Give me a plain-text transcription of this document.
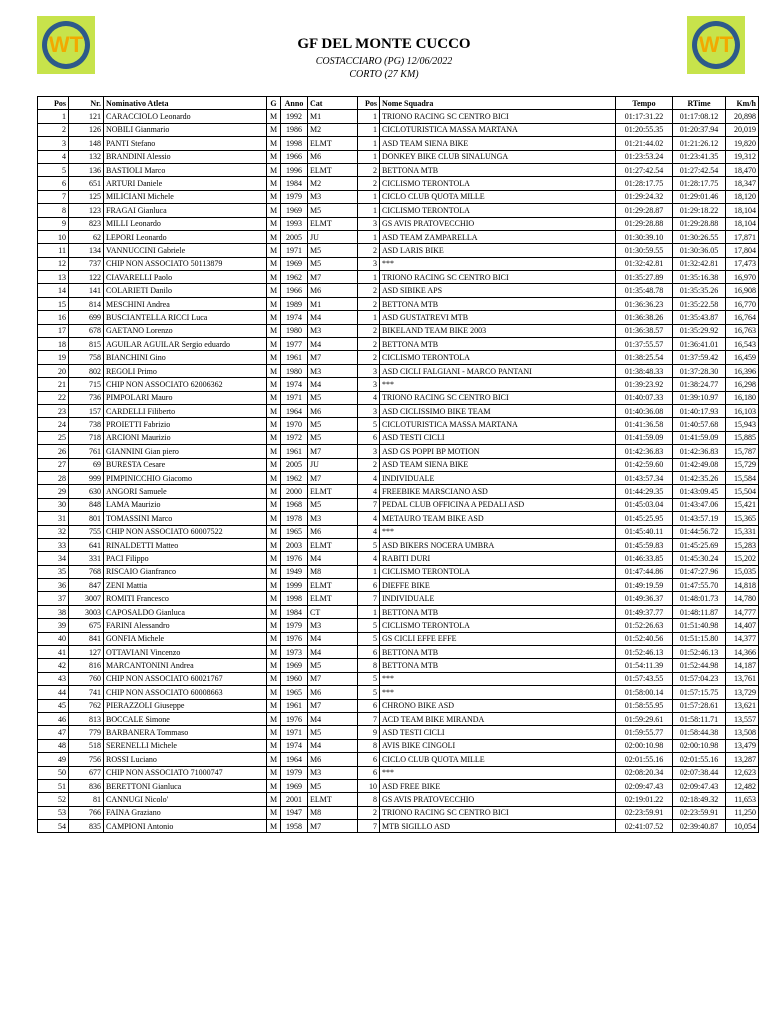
WT	WT
GF DEL MONTE CUCCO
COSTACCIARO (PG) 12/06/2022
CORTO (27 KM)
Pos	Nr.	Nominativo Atleta	G	Anno	Cat	Pos	Nome Squadra	Tempo	RTime	Km/h
1	121	CARACCIOLO Leonardo	M	1992	M1	1	TRIONO RACING SC CENTRO BICI	01:17:31.22	01:17:08.12	20,898
2	126	NOBILI Gianmario	M	1986	M2	1	CICLOTURISTICA MASSA MARTANA	01:20:55.35	01:20:37.94	20,019
3	148	PANTI Stefano	M	1998	ELMT	1	ASD TEAM SIENA BIKE	01:21:44.02	01:21:26.12	19,820
4	132	BRANDINI Alessio	M	1966	M6	1	DONKEY BIKE CLUB SINALUNGA	01:23:53.24	01:23:41.35	19,312
5	136	BASTIOLI Marco	M	1996	ELMT	2	BETTONA MTB	01:27:42.54	01:27:42.54	18,470
6	651	ARTURI Daniele	M	1984	M2	2	CICLISMO TERONTOLA	01:28:17.75	01:28:17.75	18,347
7	125	MILICIANI Michele	M	1979	M3	1	CICLO CLUB QUOTA MILLE	01:29:24.32	01:29:01.46	18,120
8	123	FRAGAI Gianluca	M	1969	M5	1	CICLISMO TERONTOLA	01:29:28.87	01:29:18.22	18,104
9	823	MILLI Leonardo	M	1993	ELMT	3	GS AVIS PRATOVECCHIO	01:29:28.88	01:29:28.88	18,104
10	62	LEPORI Leonardo	M	2005	JU	1	ASD TEAM ZAMPARELLA	01:30:39.10	01:30:26.55	17,871
11	134	VANNUCCINI Gabriele	M	1971	M5	2	ASD LARIS BIKE	01:30:59.55	01:30:36.05	17,804
12	737	CHIP NON ASSOCIATO 50113879	M	1969	M5	3	***	01:32:42.81	01:32:42.81	17,473
13	122	CIAVARELLI Paolo	M	1962	M7	1	TRIONO RACING SC CENTRO BICI	01:35:27.89	01:35:16.38	16,970
14	141	COLARIETI Danilo	M	1966	M6	2	ASD SIBIKE APS	01:35:48.78	01:35:35.26	16,908
15	814	MESCHINI Andrea	M	1989	M1	2	BETTONA MTB	01:36:36.23	01:35:22.58	16,770
16	699	BUSCIANTELLA RICCI Luca	M	1974	M4	1	ASD GUSTATREVI MTB	01:36:38.26	01:35:43.87	16,764
17	678	GAETANO Lorenzo	M	1980	M3	2	BIKELAND TEAM BIKE 2003	01:36:38.57	01:35:29.92	16,763
18	815	AGUILAR AGUILAR Sergio eduardo	M	1977	M4	2	BETTONA MTB	01:37:55.57	01:36:41.01	16,543
19	758	BIANCHINI Gino	M	1961	M7	2	CICLISMO TERONTOLA	01:38:25.54	01:37:59.42	16,459
20	802	REGOLI Primo	M	1980	M3	3	ASD CICLI FALGIANI - MARCO PANTANI	01:38:48.33	01:37:28.30	16,396
21	715	CHIP NON ASSOCIATO 62006362	M	1974	M4	3	***	01:39:23.92	01:38:24.77	16,298
22	736	PIMPOLARI Mauro	M	1971	M5	4	TRIONO RACING SC CENTRO BICI	01:40:07.33	01:39:10.97	16,180
23	157	CARDELLI Filiberto	M	1964	M6	3	ASD CICLISSIMO BIKE TEAM	01:40:36.08	01:40:17.93	16,103
24	738	PROIETTI Fabrizio	M	1970	M5	5	CICLOTURISTICA MASSA MARTANA	01:41:36.58	01:40:57.68	15,943
25	718	ARCIONI Maurizio	M	1972	M5	6	ASD TESTI CICLI	01:41:59.09	01:41:59.09	15,885
26	761	GIANNINI Gian piero	M	1961	M7	3	ASD GS POPPI BP MOTION	01:42:36.83	01:42:36.83	15,787
27	69	BURESTA Cesare	M	2005	JU	2	ASD TEAM SIENA BIKE	01:42:59.60	01:42:49.08	15,729
28	999	PIMPINICCHIO Giacomo	M	1962	M7	4	INDIVIDUALE	01:43:57.34	01:42:35.26	15,584
29	630	ANGORI Samuele	M	2000	ELMT	4	FREEBIKE MARSCIANO ASD	01:44:29.35	01:43:09.45	15,504
30	848	LAMA Maurizio	M	1968	M5	7	PEDAL CLUB OFFICINA A PEDALI ASD	01:45:03.04	01:43:47.06	15,421
31	801	TOMASSINI Marco	M	1978	M3	4	METAURO TEAM BIKE ASD	01:45:25.95	01:43:57.19	15,365
32	755	CHIP NON ASSOCIATO 60007522	M	1965	M6	4	***	01:45:40.11	01:44:56.72	15,331
33	641	RINALDETTI Matteo	M	2003	ELMT	5	ASD BIKERS NOCERA UMBRA	01:45:59.83	01:45:25.69	15,283
34	331	PACI Filippo	M	1976	M4	4	RABITI DURI	01:46:33.85	01:45:30.24	15,202
35	768	RISCAIO Gianfranco	M	1949	M8	1	CICLISMO TERONTOLA	01:47:44.86	01:47:27.96	15,035
36	847	ZENI Mattia	M	1999	ELMT	6	DIEFFE BIKE	01:49:19.59	01:47:55.70	14,818
37	3007	ROMITI Francesco	M	1998	ELMT	7	INDIVIDUALE	01:49:36.37	01:48:01.73	14,780
38	3003	CAPOSALDO Gianluca	M	1984	CT	1	BETTONA MTB	01:49:37.77	01:48:11.87	14,777
39	675	FARINI Alessandro	M	1979	M3	5	CICLISMO TERONTOLA	01:52:26.63	01:51:40.98	14,407
40	841	GONFIA Michele	M	1976	M4	5	GS CICLI EFFE EFFE	01:52:40.56	01:51:15.80	14,377
41	127	OTTAVIANI Vincenzo	M	1973	M4	6	BETTONA MTB	01:52:46.13	01:52:46.13	14,366
42	816	MARCANTONINI Andrea	M	1969	M5	8	BETTONA MTB	01:54:11.39	01:52:44.98	14,187
43	760	CHIP NON ASSOCIATO 60021767	M	1960	M7	5	***	01:57:43.55	01:57:04.23	13,761
44	741	CHIP NON ASSOCIATO 60008663	M	1965	M6	5	***	01:58:00.14	01:57:15.75	13,729
45	762	PIERAZZOLI Giuseppe	M	1961	M7	6	CHRONO BIKE ASD	01:58:55.95	01:57:28.61	13,621
46	813	BOCCALE Simone	M	1976	M4	7	ACD TEAM BIKE MIRANDA	01:59:29.61	01:58:11.71	13,557
47	779	BARBANERA Tommaso	M	1971	M5	9	ASD TESTI CICLI	01:59:55.77	01:58:44.38	13,508
48	518	SERENELLI Michele	M	1974	M4	8	AVIS BIKE CINGOLI	02:00:10.98	02:00:10.98	13,479
49	756	ROSSI Luciano	M	1964	M6	6	CICLO CLUB QUOTA MILLE	02:01:55.16	02:01:55.16	13,287
50	677	CHIP NON ASSOCIATO 71000747	M	1979	M3	6	***	02:08:20.34	02:07:38.44	12,623
51	836	BERETTONI Gianluca	M	1969	M5	10	ASD FREE BIKE	02:09:47.43	02:09:47.43	12,482
52	81	CANNUGI Nicolo'	M	2001	ELMT	8	GS AVIS PRATOVECCHIO	02:19:01.22	02:18:49.32	11,653
53	766	FAINA Graziano	M	1947	M8	2	TRIONO RACING SC CENTRO BICI	02:23:59.91	02:23:59.91	11,250
54	835	CAMPIONI Antonio	M	1958	M7	7	MTB SIGILLO ASD	02:41:07.52	02:39:40.87	10,054
